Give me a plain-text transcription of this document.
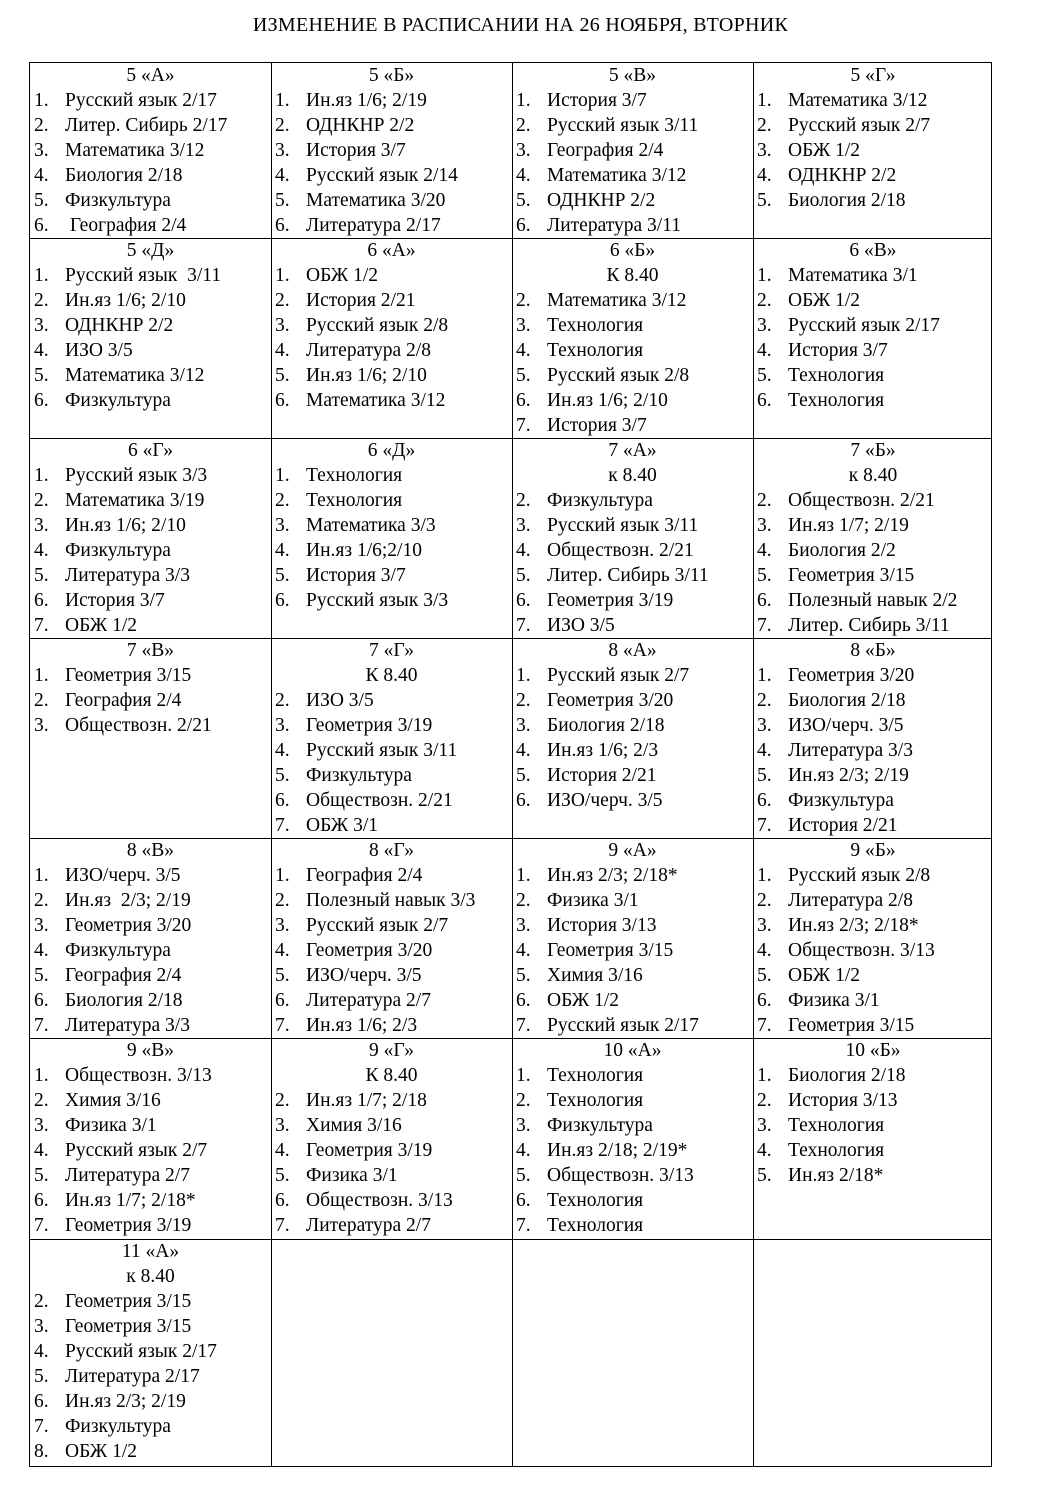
ИЗМЕНЕНИЕ В РАСПИСАНИИ НА 26 НОЯБРЯ, ВТОРНИК
5 «А»
1. Русский язык 2/17
2. Литер. Сибирь 2/17
3. Математика 3/12
4. Биология 2/18
5. Физкультура
6. География 2/4
5 «Б»
1. Ин.яз 1/6; 2/19
2. ОДНКНР 2/2
3. История 3/7
4. Русский язык 2/14
5. Математика 3/20
6. Литература 2/17
5 «В»
1. История 3/7
2. Русский язык 3/11
3. География 2/4
4. Математика 3/12
5. ОДНКНР 2/2
6. Литература 3/11
5 «Г»
1. Математика 3/12
2. Русский язык 2/7
3. ОБЖ 1/2
4. ОДНКНР 2/2
5. Биология 2/18
5 «Д»
1. Русский язык  3/11
2. Ин.яз 1/6; 2/10
3. ОДНКНР 2/2
4. ИЗО 3/5
5. Математика 3/12
6. Физкультура
6 «А»
1. ОБЖ 1/2
2. История 2/21
3. Русский язык 2/8
4. Литература 2/8
5. Ин.яз 1/6; 2/10
6. Математика 3/12
6 «Б»
К 8.40
2. Математика 3/12
3. Технология
4. Технология
5. Русский язык 2/8
6. Ин.яз 1/6; 2/10
7. История 3/7
6 «В»
1. Математика 3/1
2. ОБЖ 1/2
3. Русский язык 2/17
4. История 3/7
5. Технология
6. Технология
6 «Г»
1. Русский язык 3/3
2. Математика 3/19
3. Ин.яз 1/6; 2/10
4. Физкультура
5. Литература 3/3
6. История 3/7
7. ОБЖ 1/2
6 «Д»
1. Технология
2. Технология
3. Математика 3/3
4. Ин.яз 1/6;2/10
5. История 3/7
6. Русский язык 3/3
7 «А»
к 8.40
2. Физкультура
3. Русский язык 3/11
4. Обществозн. 2/21
5. Литер. Сибирь 3/11
6. Геометрия 3/19
7. ИЗО 3/5
7 «Б»
к 8.40
2. Обществозн. 2/21
3. Ин.яз 1/7; 2/19
4. Биология 2/2
5. Геометрия 3/15
6. Полезный навык 2/2
7. Литер. Сибирь 3/11
7 «В»
1. Геометрия 3/15
2. География 2/4
3. Обществозн. 2/21
7 «Г»
К 8.40
2. ИЗО 3/5
3. Геометрия 3/19
4. Русский язык 3/11
5. Физкультура
6. Обществозн. 2/21
7. ОБЖ 3/1
8 «А»
1. Русский язык 2/7
2. Геометрия 3/20
3. Биология 2/18
4. Ин.яз 1/6; 2/3
5. История 2/21
6. ИЗО/черч. 3/5
8 «Б»
1. Геометрия 3/20
2. Биология 2/18
3. ИЗО/черч. 3/5
4. Литература 3/3
5. Ин.яз 2/3; 2/19
6. Физкультура
7. История 2/21
8 «В»
1. ИЗО/черч. 3/5
2. Ин.яз  2/3; 2/19
3. Геометрия 3/20
4. Физкультура
5. География 2/4
6. Биология 2/18
7. Литература 3/3
8 «Г»
1. География 2/4
2. Полезный навык 3/3
3. Русский язык 2/7
4. Геометрия 3/20
5. ИЗО/черч. 3/5
6. Литература 2/7
7. Ин.яз 1/6; 2/3
9 «А»
1. Ин.яз 2/3; 2/18*
2. Физика 3/1
3. История 3/13
4. Геометрия 3/15
5. Химия 3/16
6. ОБЖ 1/2
7. Русский язык 2/17
9 «Б»
1. Русский язык 2/8
2. Литература 2/8
3. Ин.яз 2/3; 2/18*
4. Обществозн. 3/13
5. ОБЖ 1/2
6. Физика 3/1
7. Геометрия 3/15
9 «В»
1. Обществозн. 3/13
2. Химия 3/16
3. Физика 3/1
4. Русский язык 2/7
5. Литература 2/7
6. Ин.яз 1/7; 2/18*
7. Геометрия 3/19
9 «Г»
К 8.40
2. Ин.яз 1/7; 2/18
3. Химия 3/16
4. Геометрия 3/19
5. Физика 3/1
6. Обществозн. 3/13
7. Литература 2/7
10 «А»
1. Технология
2. Технология
3. Физкультура
4. Ин.яз 2/18; 2/19*
5. Обществозн. 3/13
6. Технология
7. Технология
10 «Б»
1. Биология 2/18
2. История 3/13
3. Технология
4. Технология
5. Ин.яз 2/18*
11 «А»
к 8.40
2. Геометрия 3/15
3. Геометрия 3/15
4. Русский язык 2/17
5. Литература 2/17
6. Ин.яз 2/3; 2/19
7. Физкультура
8. ОБЖ 1/2
